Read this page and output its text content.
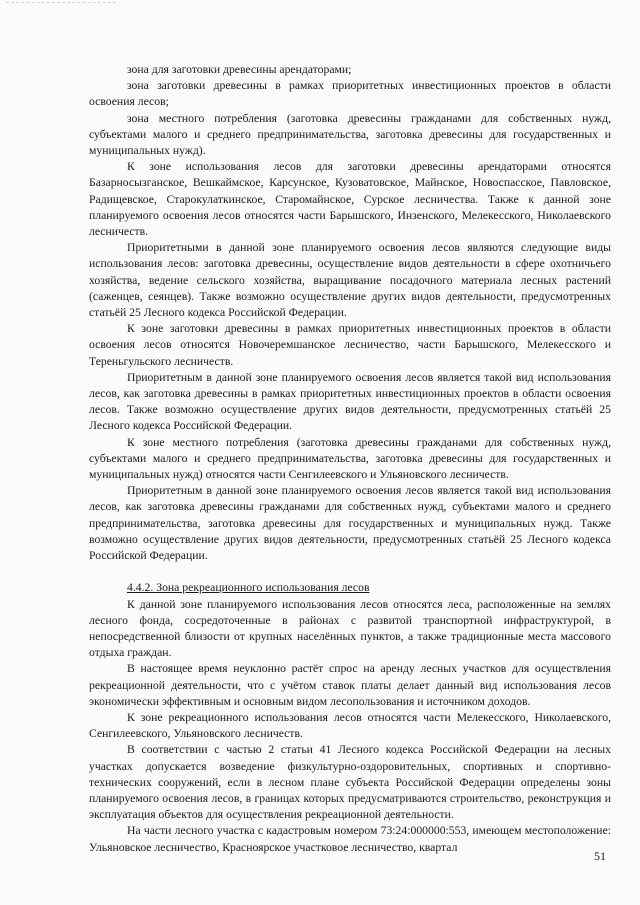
зона для заготовки древесины арендаторами;

зона заготовки древесины в рамках приоритетных инвестиционных проектов в области освоения лесов;

зона местного потребления (заготовка древесины гражданами для собственных нужд, субъектами малого и среднего предпринимательства, заготовка древесины для государственных и муниципальных нужд).

К зоне использования лесов для заготовки древесины арендаторами относятся Базарносызганское, Вешкаймское, Карсунское, Кузоватовское, Майнское, Новоспасское, Павловское, Радищевское, Старокулаткинское, Старомайнское, Сурское лесничества. Также к данной зоне планируемого освоения лесов относятся части Барышского, Инзенского, Мелекесского, Николаевского лесничеств.

Приоритетными в данной зоне планируемого освоения лесов являются следующие виды использования лесов: заготовка древесины, осуществление видов деятельности в сфере охотничьего хозяйства, ведение сельского хозяйства, выращивание посадочного материала лесных растений (саженцев, сеянцев). Также возможно осуществление других видов деятельности, предусмотренных статьёй 25 Лесного кодекса Российской Федерации.

К зоне заготовки древесины в рамках приоритетных инвестиционных проектов в области освоения лесов относятся Новочеремшанское лесничество, части Барышского, Мелекесского и Тереньгульского лесничеств.

Приоритетным в данной зоне планируемого освоения лесов является такой вид использования лесов, как заготовка древесины в рамках приоритетных инвестиционных проектов в области освоения лесов. Также возможно осуществление других видов деятельности, предусмотренных статьёй 25 Лесного кодекса Российской Федерации.

К зоне местного потребления (заготовка древесины гражданами для собственных нужд, субъектами малого и среднего предпринимательства, заготовка древесины для государственных и муниципальных нужд) относятся части Сенгилеевского и Ульяновского лесничеств.

Приоритетным в данной зоне планируемого освоения лесов является такой вид использования лесов, как заготовка древесины гражданами для собственных нужд, субъектами малого и среднего предпринимательства, заготовка древесины для государственных и муниципальных нужд. Также возможно осуществление других видов деятельности, предусмотренных статьёй 25 Лесного кодекса Российской Федерации.

4.4.2. Зона рекреационного использования лесов

К данной зоне планируемого использования лесов относятся леса, расположенные на землях лесного фонда, сосредоточенные в районах с развитой транспортной инфраструктурой, в непосредственной близости от крупных населённых пунктов, а также традиционные места массового отдыха граждан.

В настоящее время неуклонно растёт спрос на аренду лесных участков для осуществления рекреационной деятельности, что с учётом ставок платы делает данный вид использования лесов экономически эффективным и основным видом лесопользования и источником доходов.

К зоне рекреационного использования лесов относятся части Мелекесского, Николаевского, Сенгилеевского, Ульяновского лесничеств.

В соответствии с частью 2 статьи 41 Лесного кодекса Российской Федерации на лесных участках допускается возведение физкультурно-оздоровительных, спортивных и спортивно-технических сооружений, если в лесном плане субъекта Российской Федерации определены зоны планируемого освоения лесов, в границах которых предусматриваются строительство, реконструкция и эксплуатация объектов для осуществления рекреационной деятельности.

На части лесного участка с кадастровым номером 73:24:000000:553, имеющем местоположение: Ульяновское лесничество, Красноярское участковое лесничество, квартал

51
